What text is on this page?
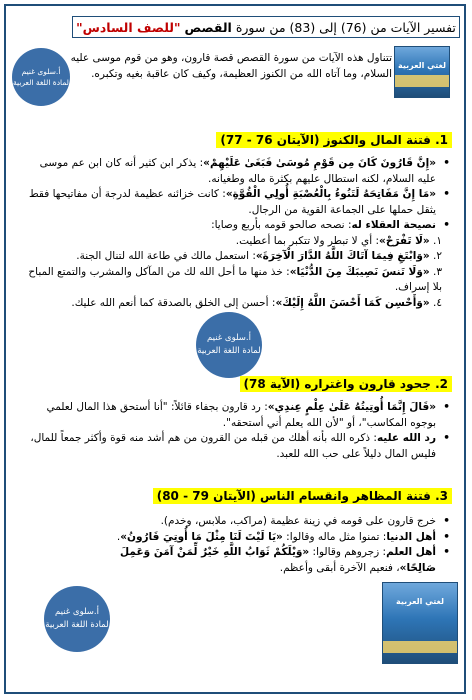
تفسير الآيات من (76) إلى (83) من سورة القصص "للصف السادس"
أ.سلوى غنيم
لمادة اللغة العربية
لغتي العربية
تتناول هذه الآيات من سورة القصص قصة قارون، وهو من قوم موسى عليه السلام، وما آتاه الله من الكنوز العظيمة، وكيف كان عاقبة بغيه وتكبره.
1. فتنة المال والكنوز (الآيتان 76 - 77)

• «إِنَّ قَارُونَ كَانَ مِن قَوْمِ مُوسَىٰ فَبَغَىٰ عَلَيْهِمْ»: يذكر ابن كثير أنه كان ابن عم موسى عليه السلام، لكنه استطال عليهم بكثرة ماله وطغيانه.

• «مَا إِنَّ مَفَاتِحَهُ لَتَنُوءُ بِالْعُصْبَةِ أُولِي الْقُوَّةِ»: كانت خزائنه عظيمة لدرجة أن مفاتيحها فقط يثقل حملها على الجماعة القوية من الرجال.

• نصيحة العقلاء له: نصحه صالحو قومه بأربع وصايا:

١. «لَا تَفْرَحْ»: أي لا تبطر ولا تتكبر بما أعطيت.

٢. «وَابْتَغِ فِيمَا آتَاكَ اللَّهُ الدَّارَ الْآخِرَةَ»: استعمل مالك في طاعة الله لتنال الجنة.

٣. «وَلَا تَنسَ نَصِيبَكَ مِنَ الدُّنْيَا»: خذ منها ما أحل الله لك من المآكل والمشرب والتمتع المباح بلا إسراف.

٤. «وَأَحْسِن كَمَا أَحْسَنَ اللَّهُ إِلَيْكَ»: أحسن إلى الخلق بالصدقة كما أنعم الله عليك.

أ.سلوى غنيم
لمادة اللغة العربية
2. جحود قارون واغتراره (الآية 78)

• «قَالَ إِنَّمَا أُوتِيتُهُ عَلَىٰ عِلْمٍ عِندِي»: رد قارون بجفاء قائلاً: "أنا أستحق هذا المال لعلمي بوجوه المكاسب"، أو "لأن الله يعلم أني أستحقه".

• رد الله عليه: ذكره الله بأنه أهلك من قبله من القرون من هم أشد منه قوة وأكثر جمعاً للمال، فليس المال دليلاً على حب الله للعبد.

3. فتنة المظاهر وانقسام الناس (الآيتان 79 - 80)

• خرج قارون على قومه في زينة عظيمة (مراكب، ملابس، وخدم).

• أهل الدنيا: تمنوا مثل ماله وقالوا: «يَا لَيْتَ لَنَا مِثْلَ مَا أُوتِيَ قَارُونُ».

• أهل العلم: زجروهم وقالوا: «وَيْلَكُمْ ثَوَابُ اللَّهِ خَيْرٌ لِّمَنْ آمَنَ وَعَمِلَ صَالِحًا»، فنعيم الآخرة أبقى وأعظم.

لغتي العربية
أ.سلوى غنيم
لمادة اللغة العربية
